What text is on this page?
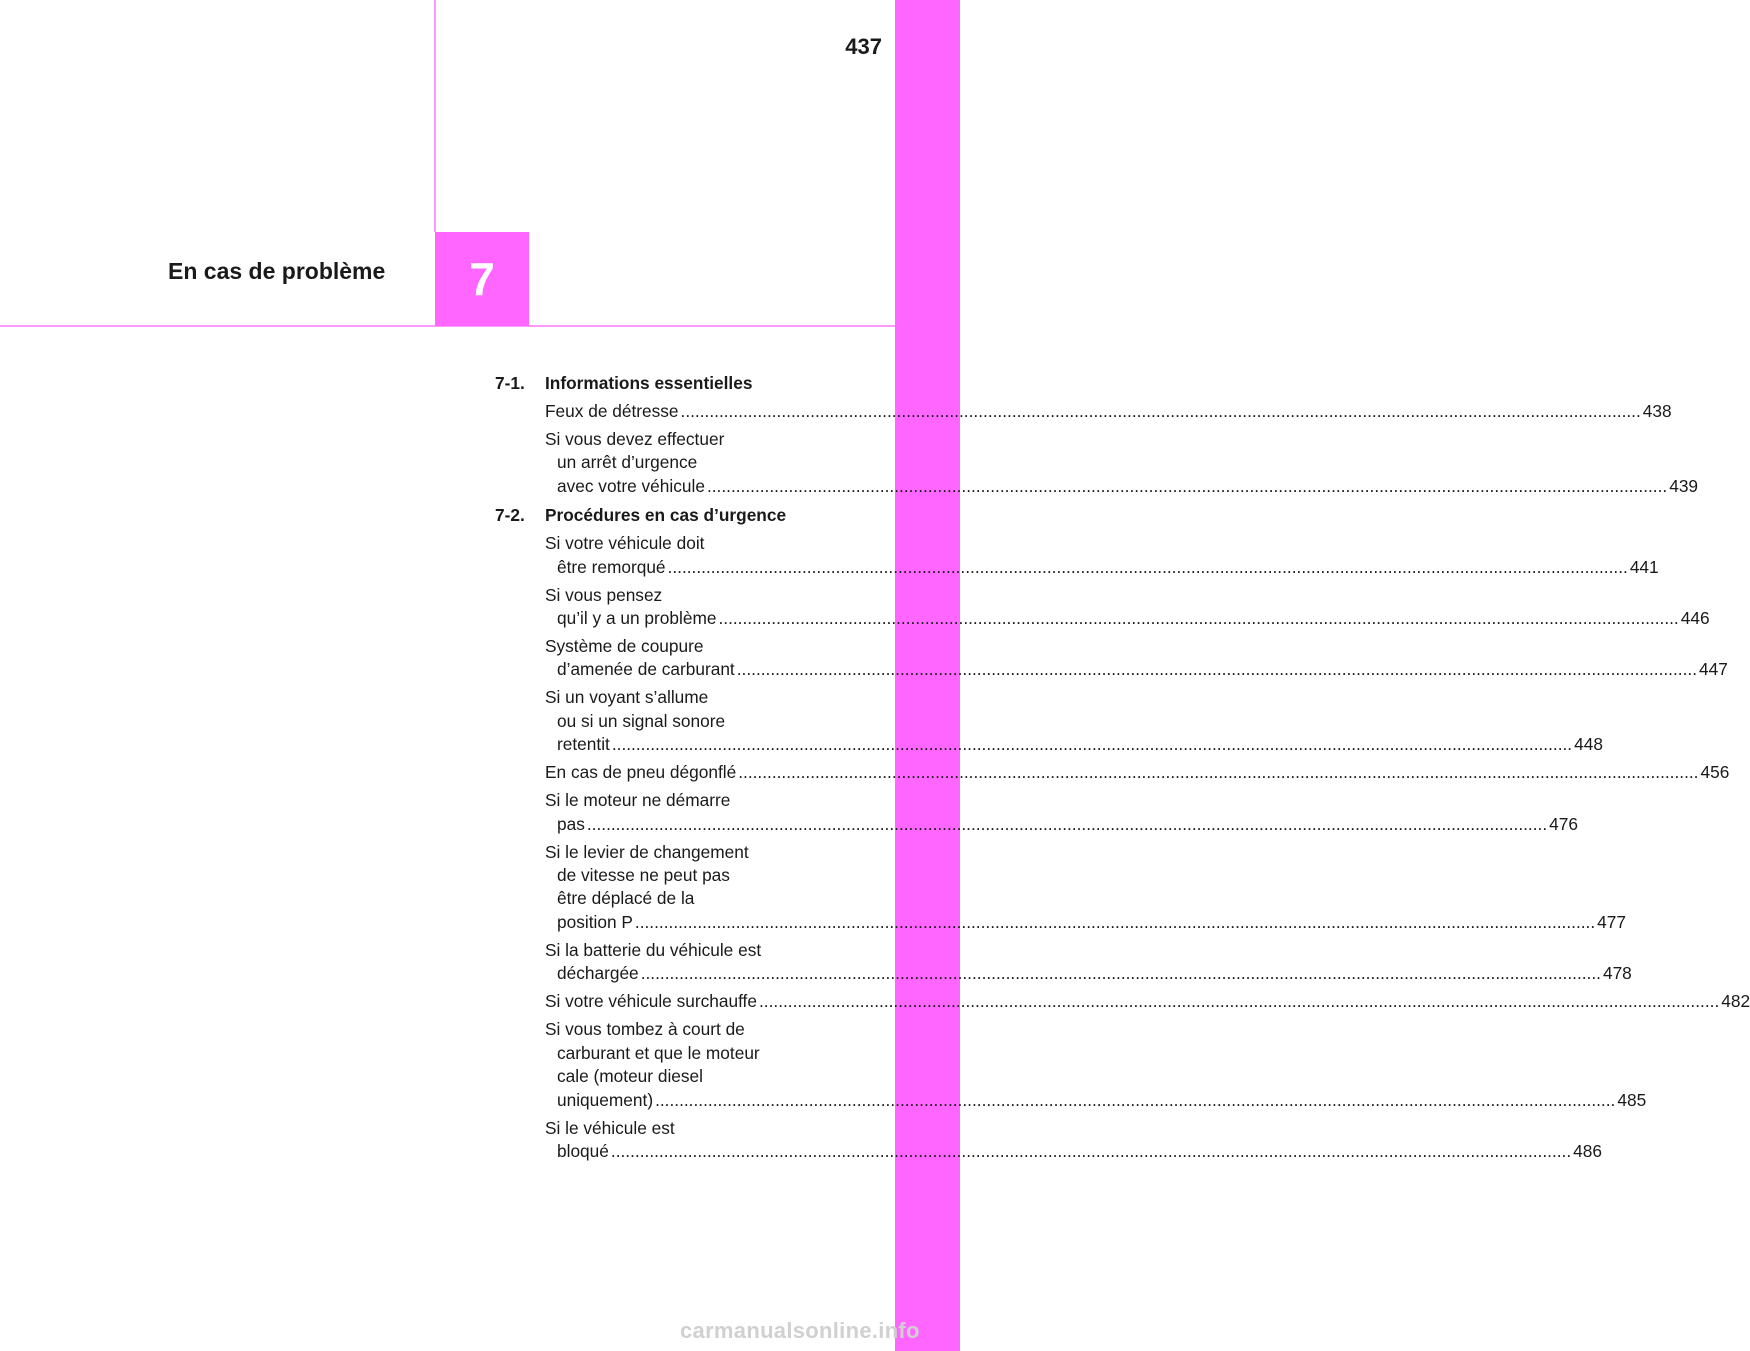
7
437
En cas de problème
7-1. Informations essentielles
Feux de détresse ........................................................................................................................................................................................................ 438
Si vous devez effectuer
un arrêt d’urgence
avec votre véhicule ........................................................................................................................................................................................................ 439
7-2. Procédures en cas d’urgence
Si votre véhicule doit
être remorqué ........................................................................................................................................................................................................ 441
Si vous pensez
qu’il y a un problème ........................................................................................................................................................................................................ 446
Système de coupure
d’amenée de carburant ........................................................................................................................................................................................................ 447
Si un voyant s’allume
ou si un signal sonore
retentit ........................................................................................................................................................................................................ 448
En cas de pneu dégonflé ........................................................................................................................................................................................................ 456
Si le moteur ne démarre
pas ........................................................................................................................................................................................................ 476
Si le levier de changement
de vitesse ne peut pas
être déplacé de la
position P ........................................................................................................................................................................................................ 477
Si la batterie du véhicule est
déchargée ........................................................................................................................................................................................................ 478
Si votre véhicule surchauffe ........................................................................................................................................................................................................ 482
Si vous tombez à court de
carburant et que le moteur
cale (moteur diesel
uniquement) ........................................................................................................................................................................................................ 485
Si le véhicule est
bloqué ........................................................................................................................................................................................................ 486
carmanualsonline.info
